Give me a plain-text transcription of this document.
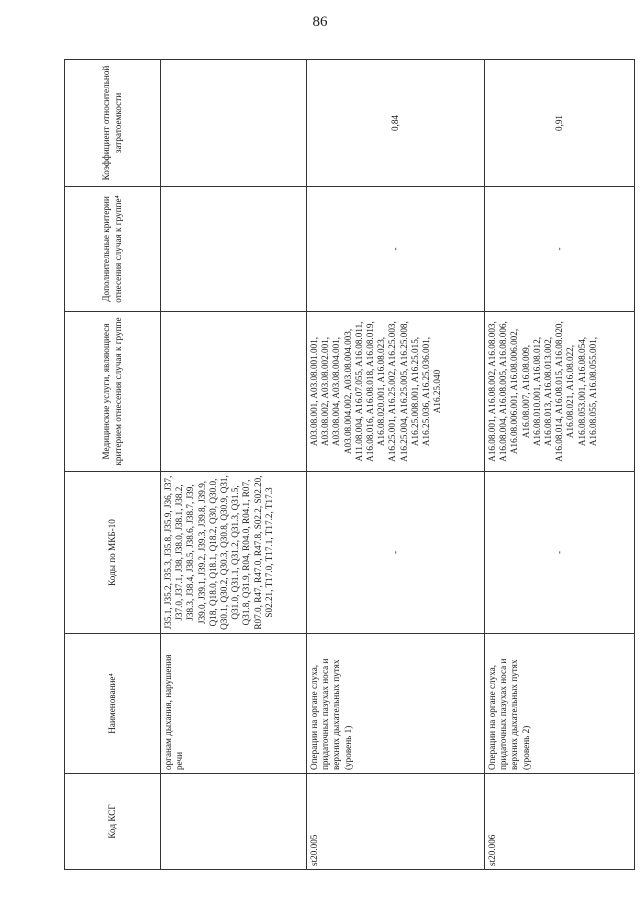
86
Код КСГ	Наименование⁴	Коды по МКБ-10	Медицинские услуги, являющиеся критерием отнесения случая к группе	Дополнительные критерии отнесения случая к группе⁴	Коэффициент относительной затратоемкости
	органам дыхания, нарушения речи	J35.1, J35.2, J35.3, J35.8, J35.9, J36, J37, J37.0, J37.1, J38, J38.0, J38.1, J38.2, J38.3, J38.4, J38.5, J38.6, J38.7, J39, J39.0, J39.1, J39.2, J39.3, J39.8, J39.9, Q18, Q18.0, Q18.1, Q18.2, Q30, Q30.0, Q30.1, Q30.2, Q30.3, Q30.8, Q30.9, Q31, Q31.0, Q31.1, Q31.2, Q31.3, Q31.5, Q31.8, Q31.9, R04, R04.0, R04.1, R07, R07.0, R47, R47.0, R47.8, S02.2, S02.20, S02.21, T17.0, T17.1, T17.2, T17.3			
st20.005	Операции на органе слуха, придаточных пазухах носа и верхних дыхательных путях (уровень 1)	-	A03.08.001, A03.08.001.001, A03.08.002, A03.08.002.001, A03.08.004, A03.08.004.001, A03.08.004.002, A03.08.004.003, A11.08.004, A16.07.055, A16.08.011, A16.08.016, A16.08.018, A16.08.019, A16.08.020.001, A16.08.023, A16.25.001, A16.25.002, A16.25.003, A16.25.004, A16.25.005, A16.25.008, A16.25.008.001, A16.25.015, A16.25.036, A16.25.036.001, A16.25.040	-	0,84
st20.006	Операции на органе слуха, придаточных пазухах носа и верхних дыхательных путях (уровень 2)	-	A16.08.001, A16.08.002, A16.08.003, A16.08.004, A16.08.005, A16.08.006, A16.08.006.001, A16.08.006.002, A16.08.007, A16.08.009, A16.08.010.001, A16.08.012, A16.08.013, A16.08.013.002, A16.08.014, A16.08.015, A16.08.020, A16.08.021, A16.08.022, A16.08.053.001, A16.08.054, A16.08.055, A16.08.055.001,	-	0,91
